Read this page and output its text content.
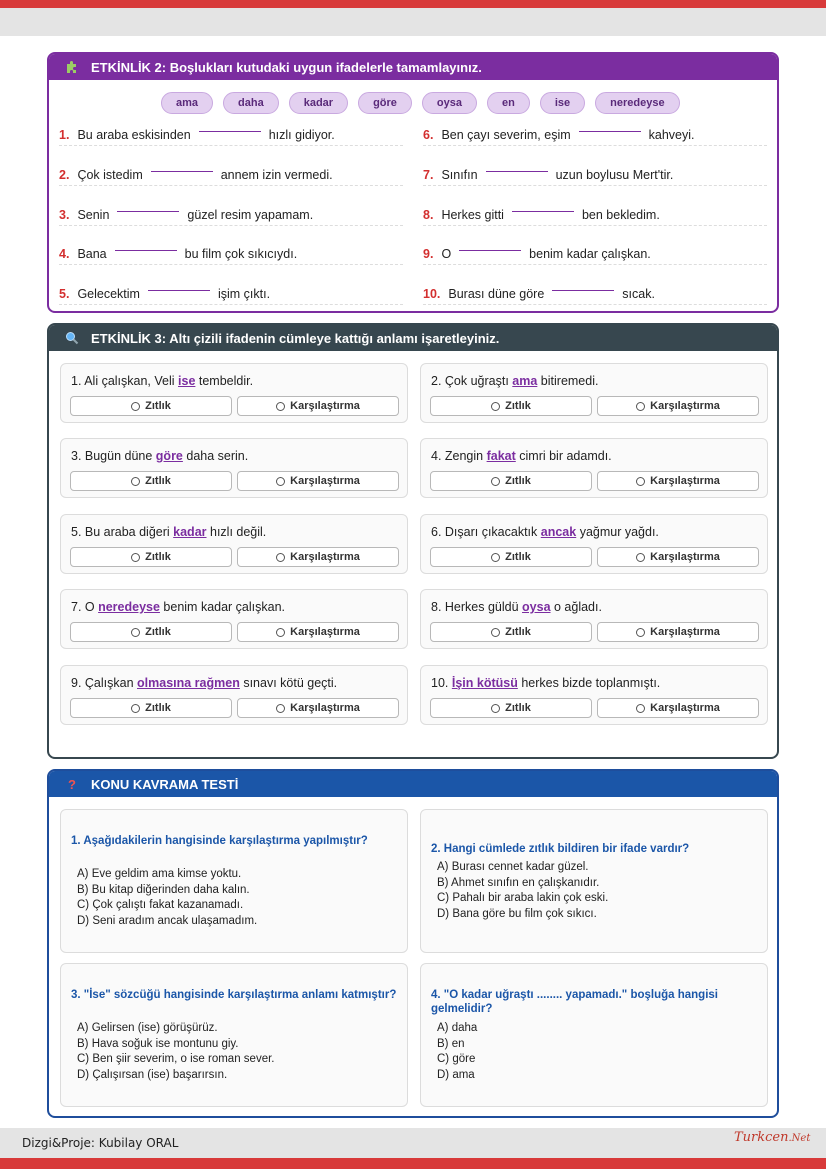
ETKİNLİK 2: Boşlukları kutudaki uygun ifadelerle tamamlayınız.
ama	daha	kadar	göre	oysa	en	ise	neredeyse
1. Bu araba eskisinden	hızlı gidiyor.
2. Çok istedim	annem izin vermedi.
3. Senin	güzel resim yapamam.
4. Bana	bu film çok sıkıcıydı.
5. Gelecektim	işim çıktı.
6. Ben çayı severim, eşim	kahveyi.
7. Sınıfın	uzun boylusu Mert'tir.
8. Herkes gitti	ben bekledim.
9. O	benim kadar çalışkan.
10. Burası düne göre	sıcak.
ETKİNLİK 3: Altı çizili ifadenin cümleye kattığı anlamı işaretleyiniz.
1. Ali çalışkan, Veli ise tembeldir.
Zıtlık	Karşılaştırma
2. Çok uğraştı ama bitiremedi.
Zıtlık	Karşılaştırma
3. Bugün düne göre daha serin.
Zıtlık	Karşılaştırma
4. Zengin fakat cimri bir adamdı.
Zıtlık	Karşılaştırma
5. Bu araba diğeri kadar hızlı değil.
Zıtlık	Karşılaştırma
6. Dışarı çıkacaktık ancak yağmur yağdı.
Zıtlık	Karşılaştırma
7. O neredeyse benim kadar çalışkan.
Zıtlık	Karşılaştırma
8. Herkes güldü oysa o ağladı.
Zıtlık	Karşılaştırma
9. Çalışkan olmasına rağmen sınavı kötü geçti.
Zıtlık	Karşılaştırma
10. İşin kötüsü herkes bizde toplanmıştı.
Zıtlık	Karşılaştırma
? KONU KAVRAMA TESTİ
1. Aşağıdakilerin hangisinde karşılaştırma yapılmıştır?
A) Eve geldim ama kimse yoktu.
B) Bu kitap diğerinden daha kalın.
C) Çok çalıştı fakat kazanamadı.
D) Seni aradım ancak ulaşamadım.
2. Hangi cümlede zıtlık bildiren bir ifade vardır?
A) Burası cennet kadar güzel.
B) Ahmet sınıfın en çalışkanıdır.
C) Pahalı bir araba lakin çok eski.
D) Bana göre bu film çok sıkıcı.
3. "İse" sözcüğü hangisinde karşılaştırma anlamı katmıştır?
A) Gelirsen (ise) görüşürüz.
B) Hava soğuk ise montunu giy.
C) Ben şiir severim, o ise roman sever.
D) Çalışırsan (ise) başarırsın.
4. "O kadar uğraştı ........ yapamadı." boşluğa hangisi gelmelidir?
A) daha
B) en
C) göre
D) ama
Dizgi&Proje: Kubilay ORAL	Turkcen.Net
